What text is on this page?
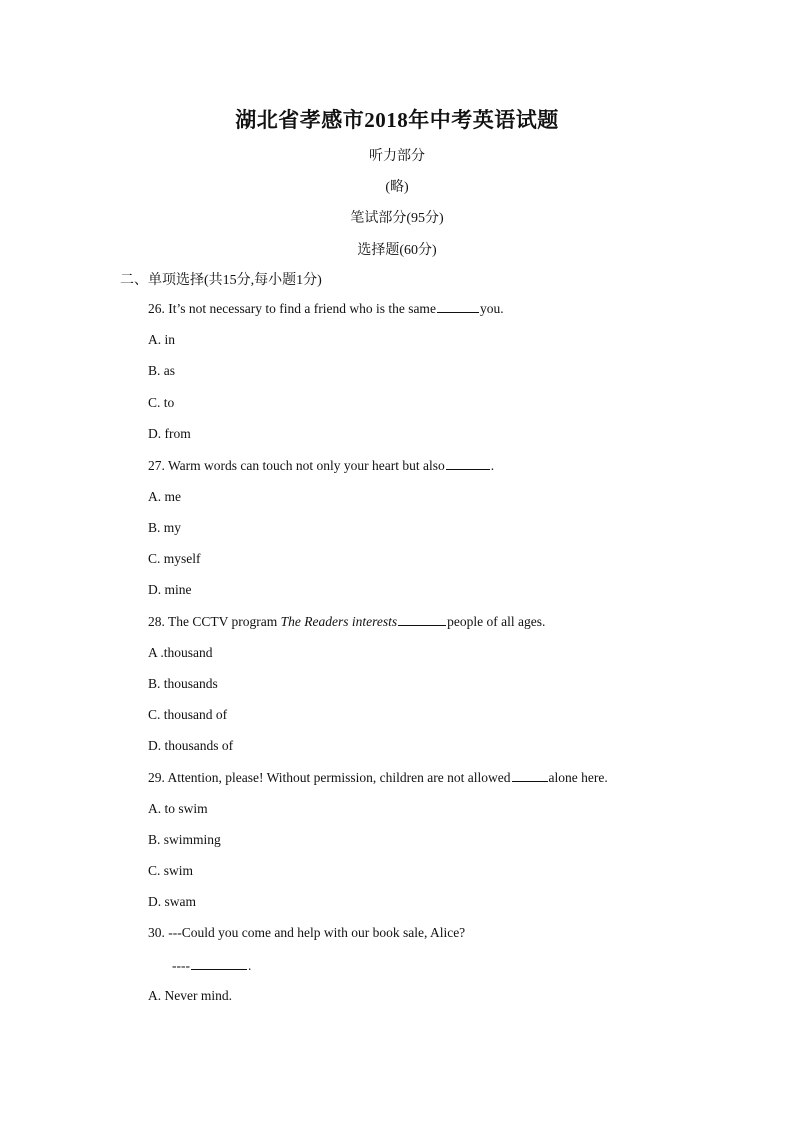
湖北省孝感市2018年中考英语试题
听力部分
(略)
笔试部分(95分)
选择题(60分)
二、单项选择(共15分,每小题1分)
26. It’s not necessary to find a friend who is the same	you.
A. in
B. as
C. to
D. from
27. Warm words can touch not only your heart but also	.
A. me
B. my
C. myself
D. mine
28. The CCTV program The Readers interests	people of all ages.
A .thousand
B. thousands
C. thousand of
D. thousands of
29. Attention, please! Without permission, children are not allowed	alone here.
A. to swim
B. swimming
C. swim
D. swam
30. ---Could you come and help with our book sale, Alice?
----	.
A. Never mind.
